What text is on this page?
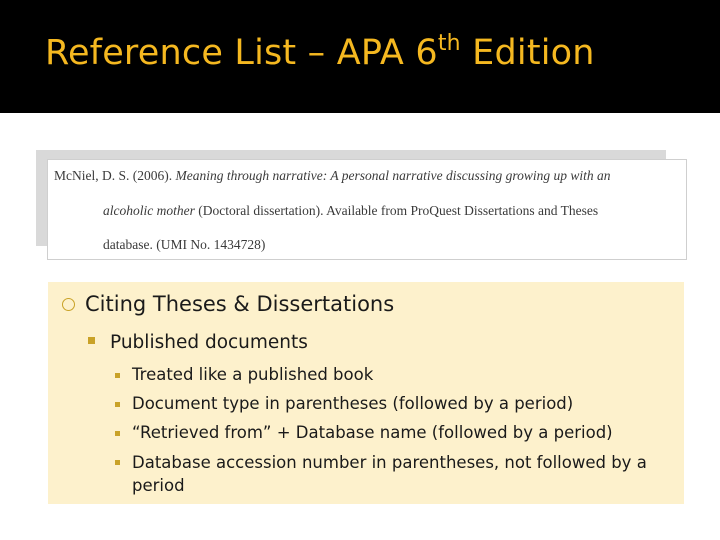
Reference List – APA 6th Edition
McNiel, D. S. (2006). Meaning through narrative: A personal narrative discussing growing up with an
alcoholic mother (Doctoral dissertation). Available from ProQuest Dissertations and Theses
database. (UMI No. 1434728)
Citing Theses & Dissertations
Published documents
Treated like a published book
Document type in parentheses (followed by a period)
“Retrieved from” + Database name (followed by a period)
Database accession number in parentheses, not followed by a period
